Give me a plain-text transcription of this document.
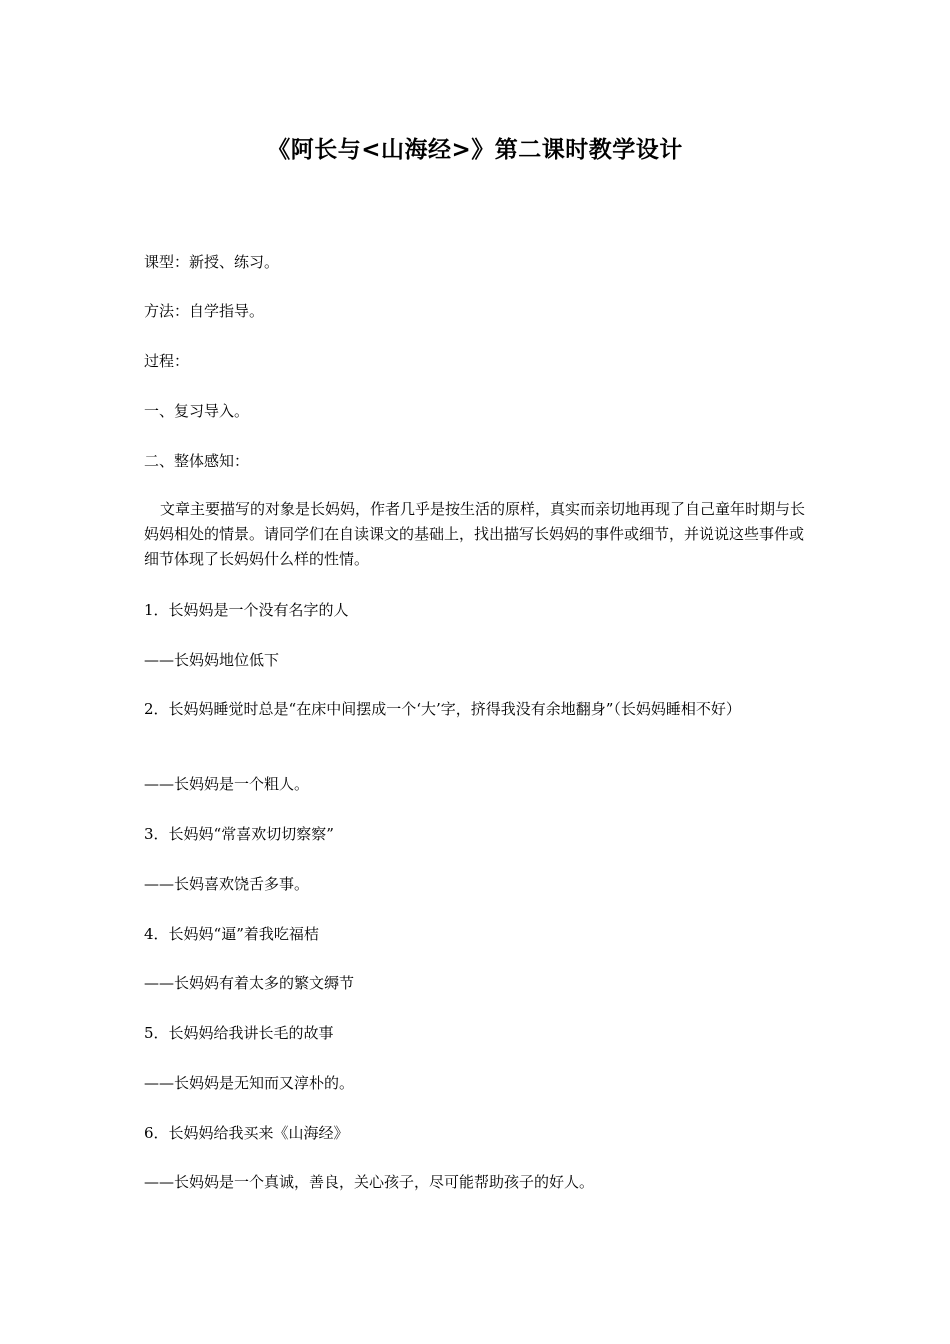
《阿长与<山海经>》第二课时教学设计
课型：新授、练习。
方法：自学指导。
过程：
一、复习导入。
二、整体感知：
文章主要描写的对象是长妈妈，作者几乎是按生活的原样，真实而亲切地再现了自己童年时期与长妈妈相处的情景。请同学们在自读课文的基础上，找出描写长妈妈的事件或细节，并说说这些事件或细节体现了长妈妈什么样的性情。
1．长妈妈是一个没有名字的人
——长妈妈地位低下
2．长妈妈睡觉时总是“在床中间摆成一个‘大’字，挤得我没有余地翻身”（长妈妈睡相不好）
——长妈妈是一个粗人。
3．长妈妈“常喜欢切切察察”
——长妈喜欢饶舌多事。
4．长妈妈“逼”着我吃福桔
——长妈妈有着太多的繁文缛节
5．长妈妈给我讲长毛的故事
——长妈妈是无知而又淳朴的。
6．长妈妈给我买来《山海经》
——长妈妈是一个真诚，善良，关心孩子，尽可能帮助孩子的好人。
